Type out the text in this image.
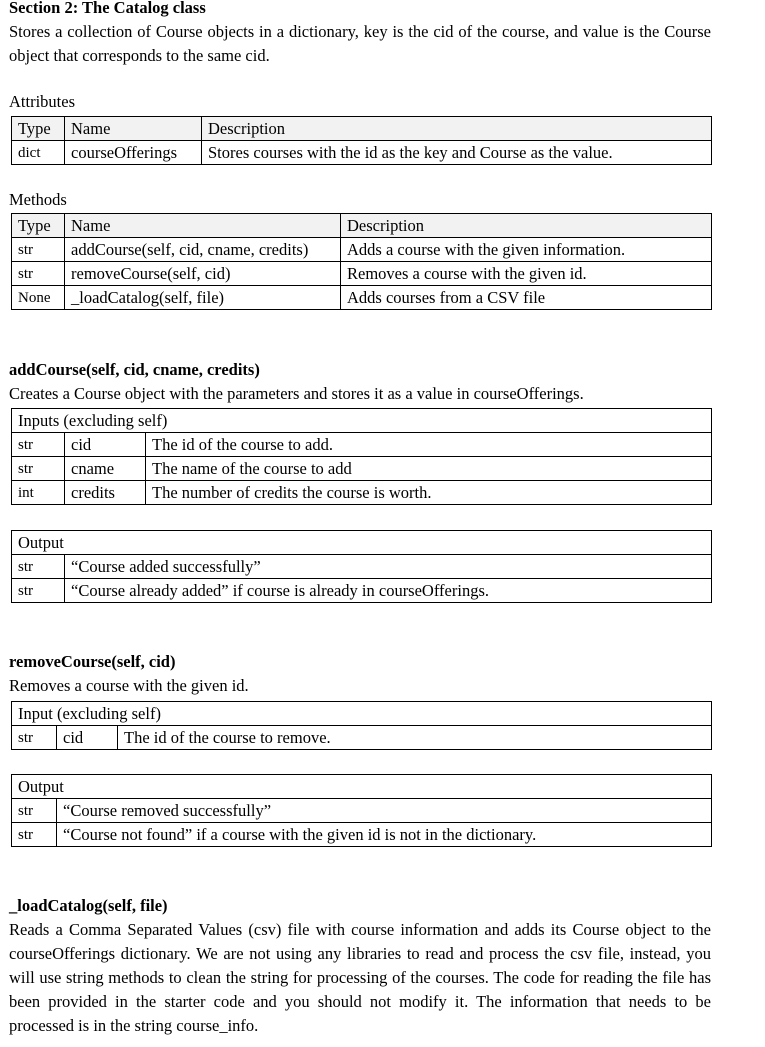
Section 2: The Catalog class
Stores a collection of Course objects in a dictionary, key is the cid of the course, and value is the Course object that corresponds to the same cid.
Attributes
Type	Name	Description
dict	courseOfferings	Stores courses with the id as the key and Course as the value.
Methods
Type	Name	Description
str	addCourse(self, cid, cname, credits)	Adds a course with the given information.
str	removeCourse(self, cid)	Removes a course with the given id.
None	_loadCatalog(self, file)	Adds courses from a CSV file
addCourse(self, cid, cname, credits)
Creates a Course object with the parameters and stores it as a value in courseOfferings.
Inputs (excluding self)		
str	cid	The id of the course to add.
str	cname	The name of the course to add
int	credits	The number of credits the course is worth.
Output	
str	“Course added successfully”
str	“Course already added” if course is already in courseOfferings.
removeCourse(self, cid)
Removes a course with the given id.
Input (excluding self)
str	cid	The id of the course to remove.
Output	
str	“Course removed successfully”
str	“Course not found” if a course with the given id is not in the dictionary.
_loadCatalog(self, file)
Reads a Comma Separated Values (csv) file with course information and adds its Course object to the courseOfferings dictionary. We are not using any libraries to read and process the csv file, instead, you will use string methods to clean the string for processing of the courses. The code for reading the file has been provided in the starter code and you should not modify it. The information that needs to be processed is in the string course_info.
